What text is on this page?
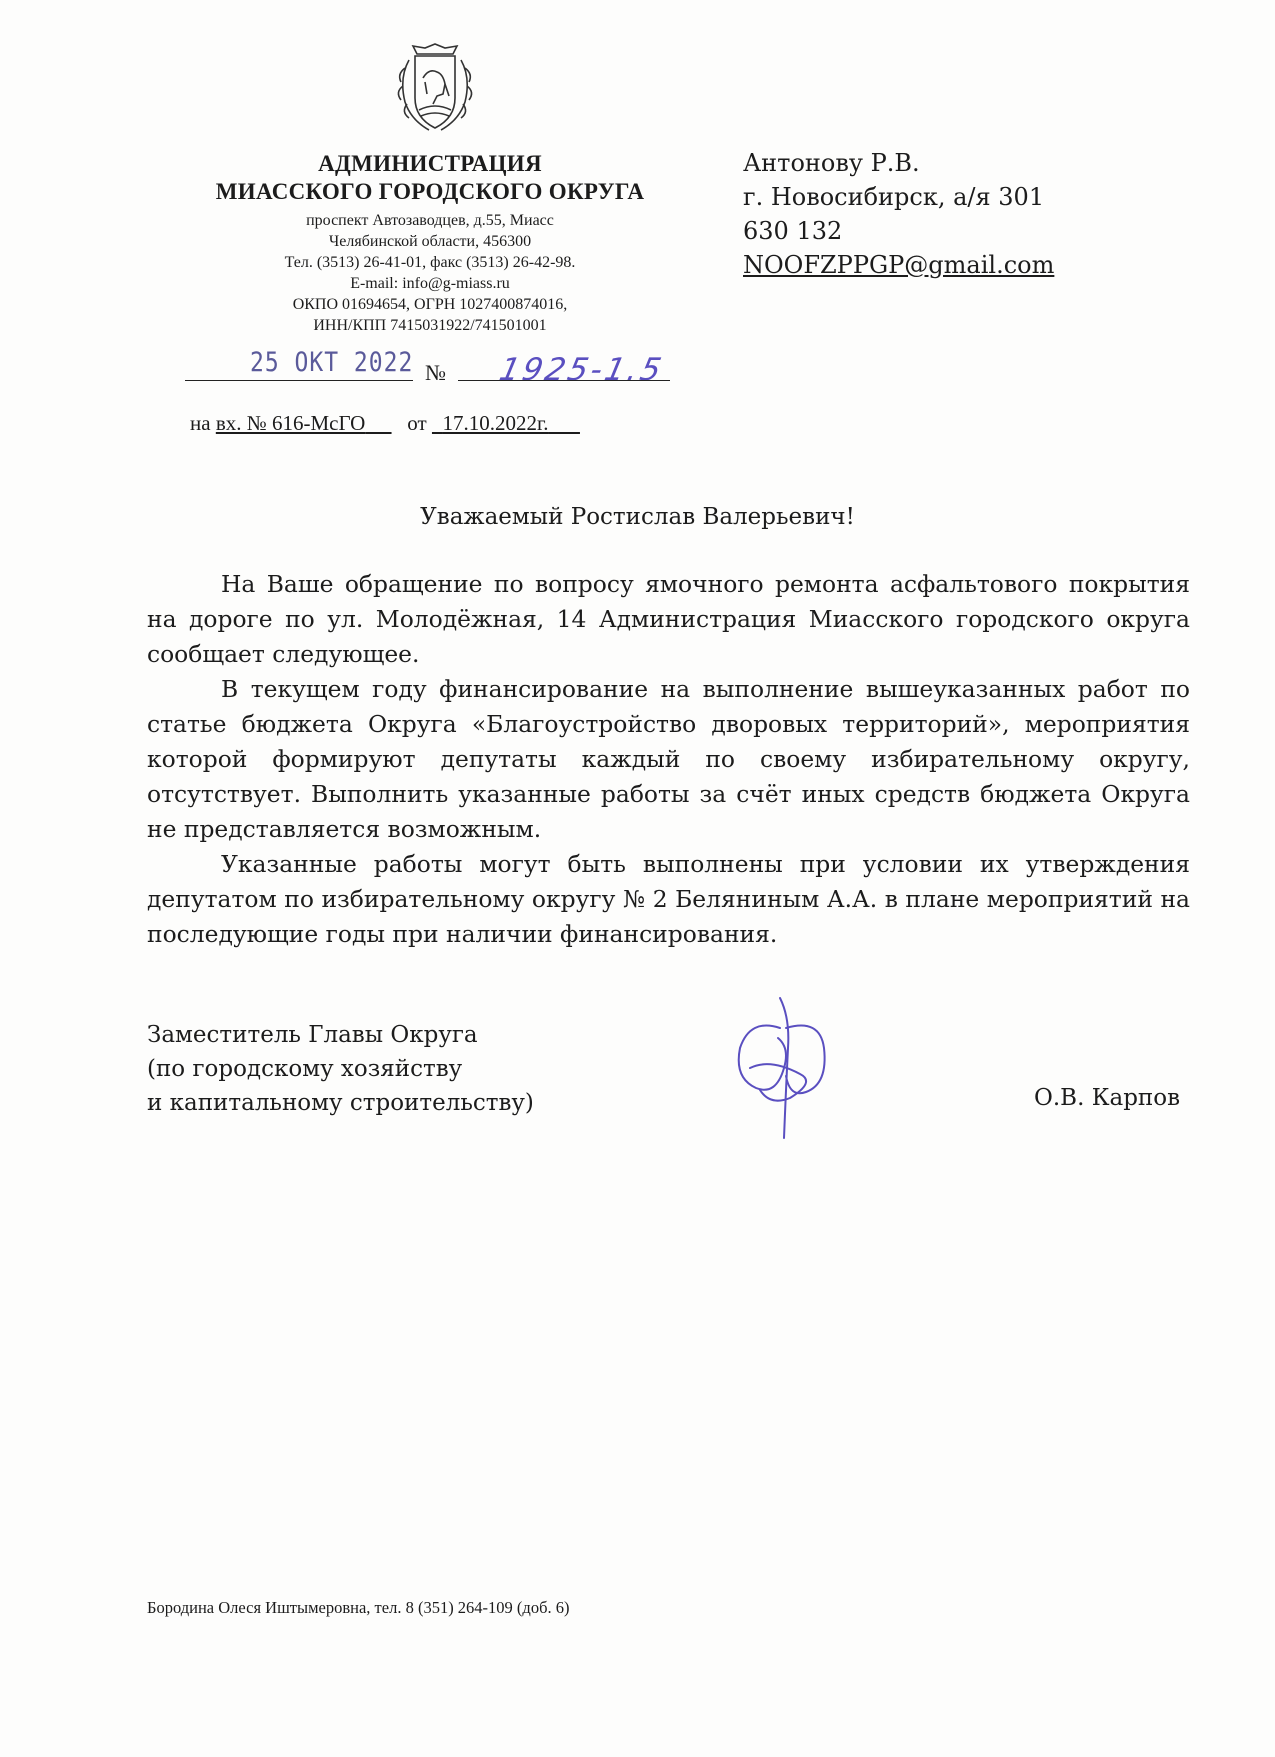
АДМИНИСТРАЦИЯ
МИАССКОГО ГОРОДСКОГО ОКРУГА
проспект Автозаводцев, д.55, Миасс
Челябинской области, 456300
Тел. (3513) 26-41-01, факс (3513) 26-42-98.
E-mail: info@g-miass.ru
ОКПО 01694654, ОГРН 1027400874016,
ИНН/КПП 7415031922/741501001
Антонову Р.В.
г. Новосибирск, а/я 301
630 132
NOOFZPPGP@gmail.com
25 ОКТ 2022 № 1925-1.5
на вх. № 616-МсГО от 17.10.2022г.
Уважаемый Ростислав Валерьевич!

На Ваше обращение по вопросу ямочного ремонта асфальтового покрытия на дороге по ул. Молодёжная, 14 Администрация Миасского городского округа сообщает следующее.

В текущем году финансирование на выполнение вышеуказанных работ по статье бюджета Округа «Благоустройство дворовых территорий», мероприятия которой формируют депутаты каждый по своему избирательному округу, отсутствует. Выполнить указанные работы за счёт иных средств бюджета Округа не представляется возможным.

Указанные работы могут быть выполнены при условии их утверждения депутатом по избирательному округу № 2 Беляниным А.А. в плане мероприятий на последующие годы при наличии финансирования.

Заместитель Главы Округа
(по городскому хозяйству
и капитальному строительству)	О.В. Карпов
Бородина Олеся Иштымеровна, тел. 8 (351) 264-109 (доб. 6)
